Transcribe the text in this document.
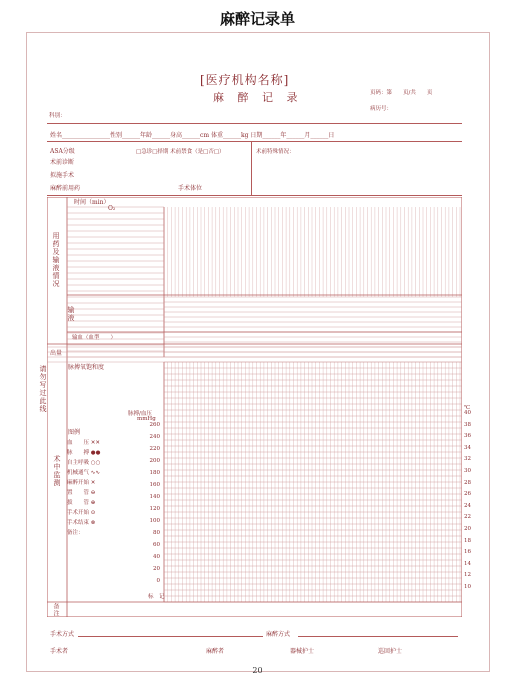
麻醉记录单
[医疗机构名称]
麻 醉 记 录	页码：第　　页/共　　页
病历号：
科别：
姓名________________性别______年龄______身高______cm 体重______kg 日期______年______月______日
ASA分级	□急诊□择期 术前禁食（是□否□）	术前特殊情况：
术前诊断
拟施手术
麻醉前用药	手术体位
时间（min）
O₂
用药及输液情况
输液
输血（血型　　）
出量
脉搏氧饱和度
请勿写过此线
图例
血　　压 ✕✕
脉　　搏 ●●
自主呼吸 ○○
机械通气 ∿∿
麻醉开始 ✕
置　　管 ⊖
拔　　管 ⊕
手术开始 ⊙
手术结束 ⊗
备注：
术中监测
脉搏/血压
mmHg
℃
260
240
220
200
180
160
140
120
100
80
60
40
20
0
40
38
36
34
32
30
28
26
24
22
20
18
16
14
12
10
标　记
备注
手术方式	麻醉方式
手术者	麻醉者	器械护士	巡回护士
20
